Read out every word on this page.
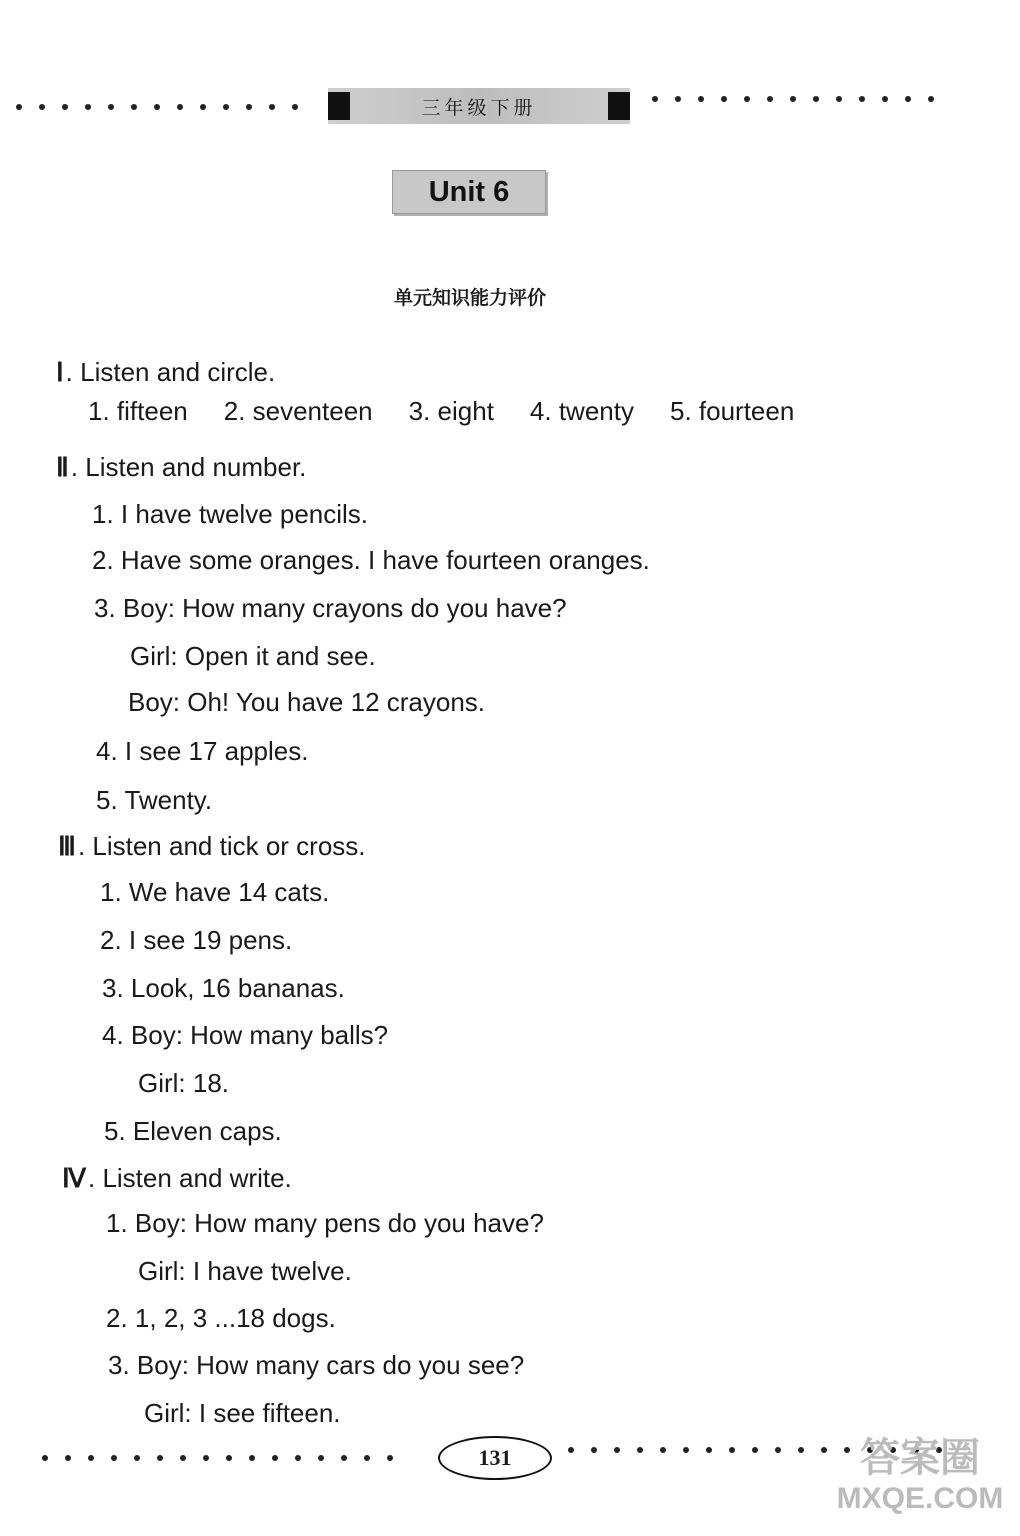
三年级下册
Unit 6
单元知识能力评价
Ⅰ. Listen and circle.
1. fifteen 2. seventeen 3. eight 4. twenty 5. fourteen
Ⅱ. Listen and number.
1. I have twelve pencils.
2. Have some oranges. I have fourteen oranges.
3. Boy: How many crayons do you have?
Girl: Open it and see.
Boy: Oh! You have 12 crayons.
4. I see 17 apples.
5. Twenty.
Ⅲ. Listen and tick or cross.
1. We have 14 cats.
2. I see 19 pens.
3. Look, 16 bananas.
4. Boy: How many balls?
Girl: 18.
5. Eleven caps.
Ⅳ. Listen and write.
1. Boy: How many pens do you have?
Girl: I have twelve.
2. 1, 2, 3 ...18 dogs.
3. Boy: How many cars do you see?
Girl: I see fifteen.
131	答案圈
MXQE.COM
